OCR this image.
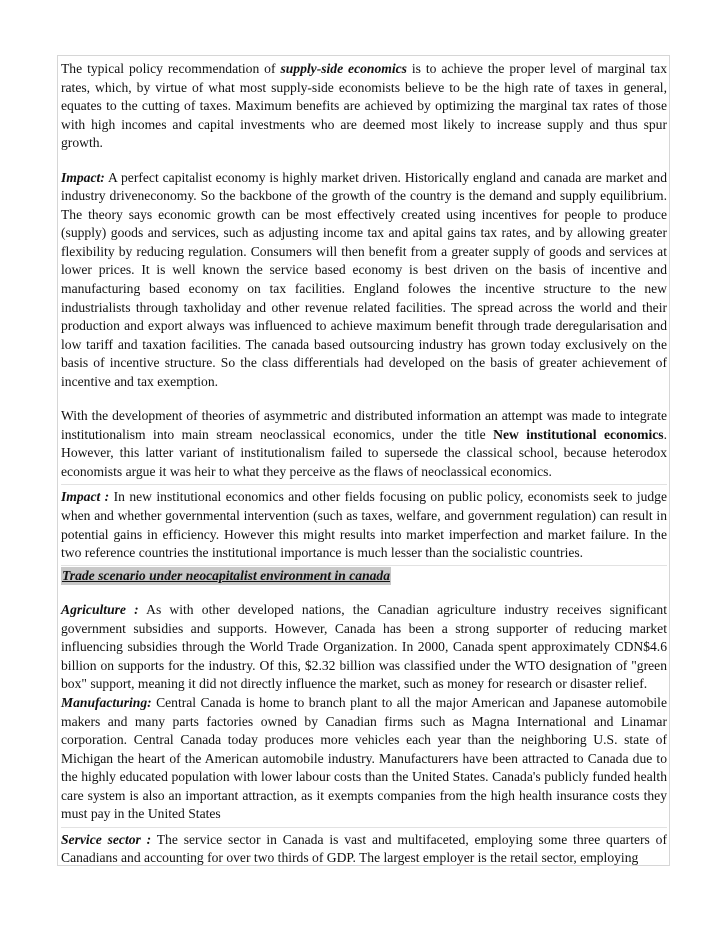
The typical policy recommendation of supply-side economics is to achieve the proper level of marginal tax rates, which, by virtue of what most supply-side economists believe to be the high rate of taxes in general, equates to the cutting of taxes. Maximum benefits are achieved by optimizing the marginal tax rates of those with high incomes and capital investments who are deemed most likely to increase supply and thus spur growth.

Impact: A perfect capitalist economy is highly market driven. Historically england and canada are market and industry driveneconomy. So the backbone of the growth of the country is the demand and supply equilibrium. The theory says economic growth can be most effectively created using incentives for people to produce (supply) goods and services, such as adjusting income tax and apital gains tax rates, and by allowing greater flexibility by reducing regulation. Consumers will then benefit from a greater supply of goods and services at lower prices. It is well known the service based economy is best driven on the basis of incentive and manufacturing based economy on tax facilities. England folowes the incentive structure to the new industrialists through taxholiday and other revenue related facilities. The spread across the world and their production and export always was influenced to achieve maximum benefit through trade deregularisation and low tariff and taxation facilities. The canada based outsourcing industry has grown today exclusively on the basis of incentive structure. So the class differentials had developed on the basis of greater achievement of incentive and tax exemption.

With the development of theories of asymmetric and distributed information an attempt was made to integrate institutionalism into main stream neoclassical economics, under the title New institutional economics. However, this latter variant of institutionalism failed to supersede the classical school, because heterodox economists argue it was heir to what they perceive as the flaws of neoclassical economics.

Impact : In new institutional economics and other fields focusing on public policy, economists seek to judge when and whether governmental intervention (such as taxes, welfare, and government regulation) can result in potential gains in efficiency. However this might results into market imperfection and market failure. In the two reference countries the institutional importance is much lesser than the socialistic countries.

Trade scenario under neocapitalist environment in canada

Agriculture : As with other developed nations, the Canadian agriculture industry receives significant government subsidies and supports. However, Canada has been a strong supporter of reducing market influencing subsidies through the World Trade Organization. In 2000, Canada spent approximately CDN$4.6 billion on supports for the industry. Of this, $2.32 billion was classified under the WTO designation of "green box" support, meaning it did not directly influence the market, such as money for research or disaster relief.

Manufacturing: Central Canada is home to branch plant to all the major American and Japanese automobile makers and many parts factories owned by Canadian firms such as Magna International and Linamar corporation. Central Canada today produces more vehicles each year than the neighboring U.S. state of Michigan the heart of the American automobile industry. Manufacturers have been attracted to Canada due to the highly educated population with lower labour costs than the United States. Canada's publicly funded health care system is also an important attraction, as it exempts companies from the high health insurance costs they must pay in the United States

Service sector : The service sector in Canada is vast and multifaceted, employing some three quarters of Canadians and accounting for over two thirds of GDP. The largest employer is the retail sector, employing
